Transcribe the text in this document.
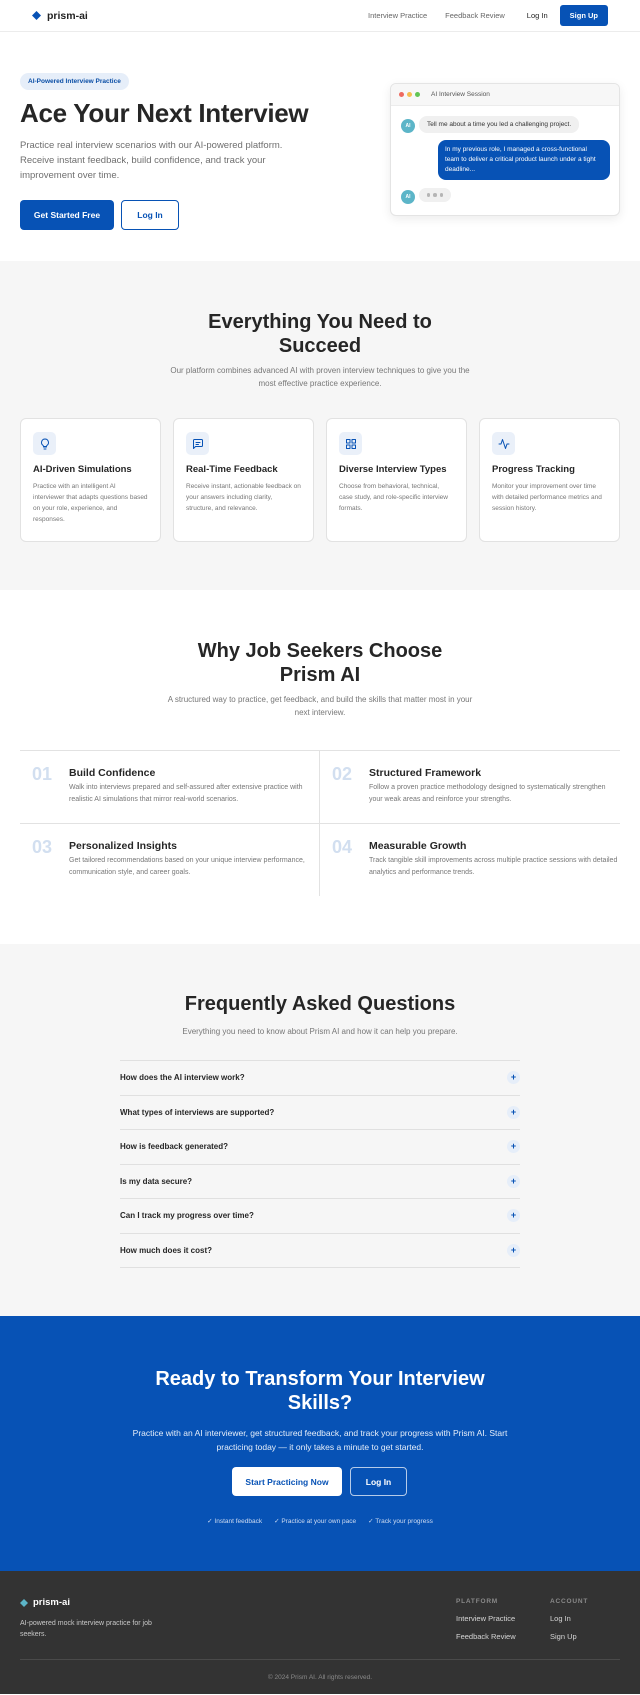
prism-ai	Interview Practice Feedback Review	Log In	Sign Up
AI-Powered Interview Practice
Ace Your Next Interview

Practice real interview scenarios with our AI-powered platform. Receive instant feedback, build confidence, and track your improvement over time.

Get Started Free	Log In
AI Interview Session
AI	Tell me about a time you led a challenging project.
In my previous role, I managed a cross-functional team to deliver a critical product launch under a tight deadline...
AI
Everything You Need to Succeed

Our platform combines advanced AI with proven interview techniques to give you the most effective practice experience.

AI-Driven Simulations

Practice with an intelligent AI interviewer that adapts questions based on your role, experience, and responses.

Real-Time Feedback

Receive instant, actionable feedback on your answers including clarity, structure, and relevance.

Diverse Interview Types

Choose from behavioral, technical, case study, and role-specific interview formats.

Progress Tracking

Monitor your improvement over time with detailed performance metrics and session history.

Why Job Seekers Choose Prism AI

A structured way to practice, get feedback, and build the skills that matter most in your next interview.

01 Build Confidence

Walk into interviews prepared and self-assured after extensive practice with realistic AI simulations that mirror real-world scenarios.

02 Structured Framework

Follow a proven practice methodology designed to systematically strengthen your weak areas and reinforce your strengths.

03 Personalized Insights

Get tailored recommendations based on your unique interview performance, communication style, and career goals.

04 Measurable Growth

Track tangible skill improvements across multiple practice sessions with detailed analytics and performance trends.

Frequently Asked Questions

Everything you need to know about Prism AI and how it can help you prepare.

How does the AI interview work?	+
What types of interviews are supported?	+
How is feedback generated?	+
Is my data secure?	+
Can I track my progress over time?	+
How much does it cost?	+
Ready to Transform Your Interview Skills?

Practice with an AI interviewer, get structured feedback, and track your progress with Prism AI. Start practicing today — it only takes a minute to get started.

Start Practicing Now	Log In
✓ Instant feedback ✓ Practice at your own pace ✓ Track your progress
prism-ai

AI-powered mock interview practice for job seekers.

PLATFORM
Interview Practice
Feedback Review
ACCOUNT
Log In
Sign Up

© 2024 Prism AI. All rights reserved.
